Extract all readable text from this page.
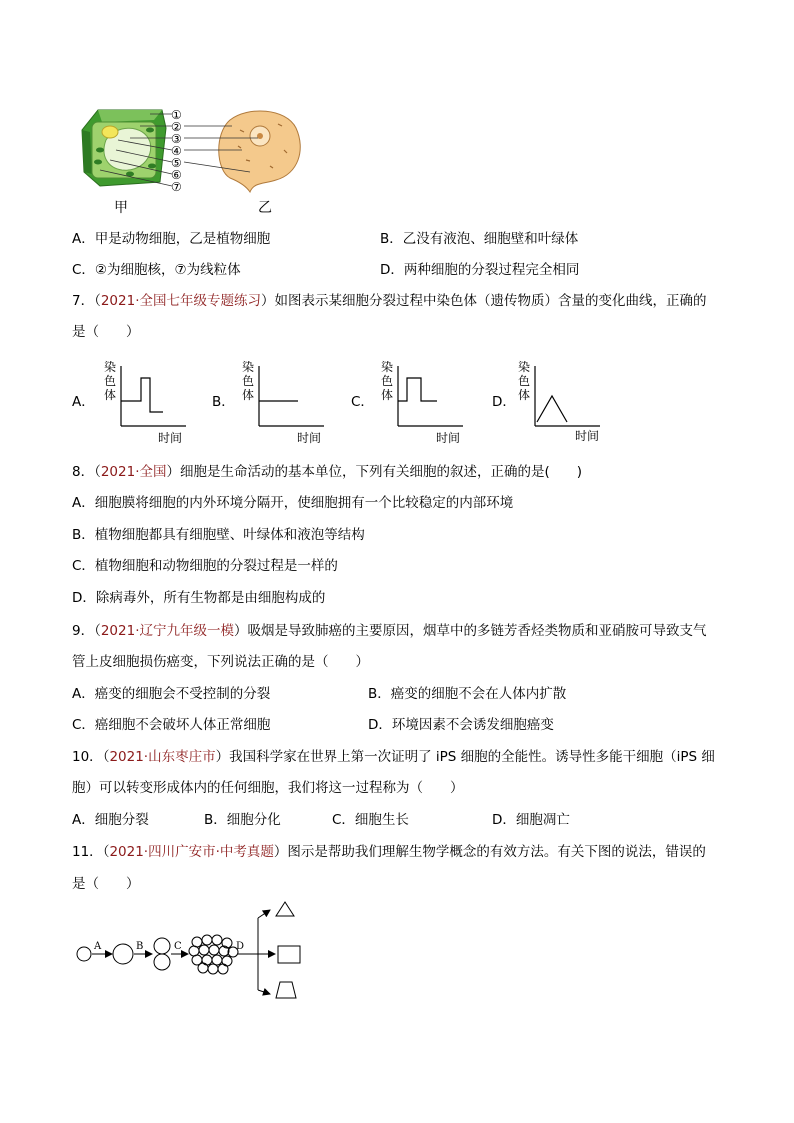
①
②
③
④
⑤
⑥
⑦
甲	乙
A．甲是动物细胞，乙是植物细胞	B．乙没有液泡、细胞壁和叶绿体
C．②为细胞核，⑦为线粒体	D．两种细胞的分裂过程完全相同
7．（2021·全国七年级专题练习）如图表示某细胞分裂过程中染色体（遗传物质）含量的变化曲线，正确的
是（　　）
A．
染
色
体
时间
B．
染
色
体
时间
C．
染
色
体
时间
D．
染
色
体
时间
8．（2021·全国）细胞是生命活动的基本单位，下列有关细胞的叙述，正确的是(　　)
A．细胞膜将细胞的内外环境分隔开，使细胞拥有一个比较稳定的内部环境
B．植物细胞都具有细胞壁、叶绿体和液泡等结构
C．植物细胞和动物细胞的分裂过程是一样的
D．除病毒外，所有生物都是由细胞构成的
9．（2021·辽宁九年级一模）吸烟是导致肺癌的主要原因，烟草中的多链芳香烃类物质和亚硝胺可导致支气
管上皮细胞损伤癌变，下列说法正确的是（　　）
A．癌变的细胞会不受控制的分裂	B．癌变的细胞不会在人体内扩散
C．癌细胞不会破坏人体正常细胞	D．环境因素不会诱发细胞癌变
10．（2021·山东枣庄市）我国科学家在世界上第一次证明了 iPS 细胞的全能性。诱导性多能干细胞（iPS 细
胞）可以转变形成体内的任何细胞，我们将这一过程称为（　　）
A．细胞分裂	B．细胞分化	C．细胞生长	D．细胞凋亡
11．（2021·四川广安市·中考真题）图示是帮助我们理解生物学概念的有效方法。有关下图的说法，错误的
是（　　）
A	B	C	D
